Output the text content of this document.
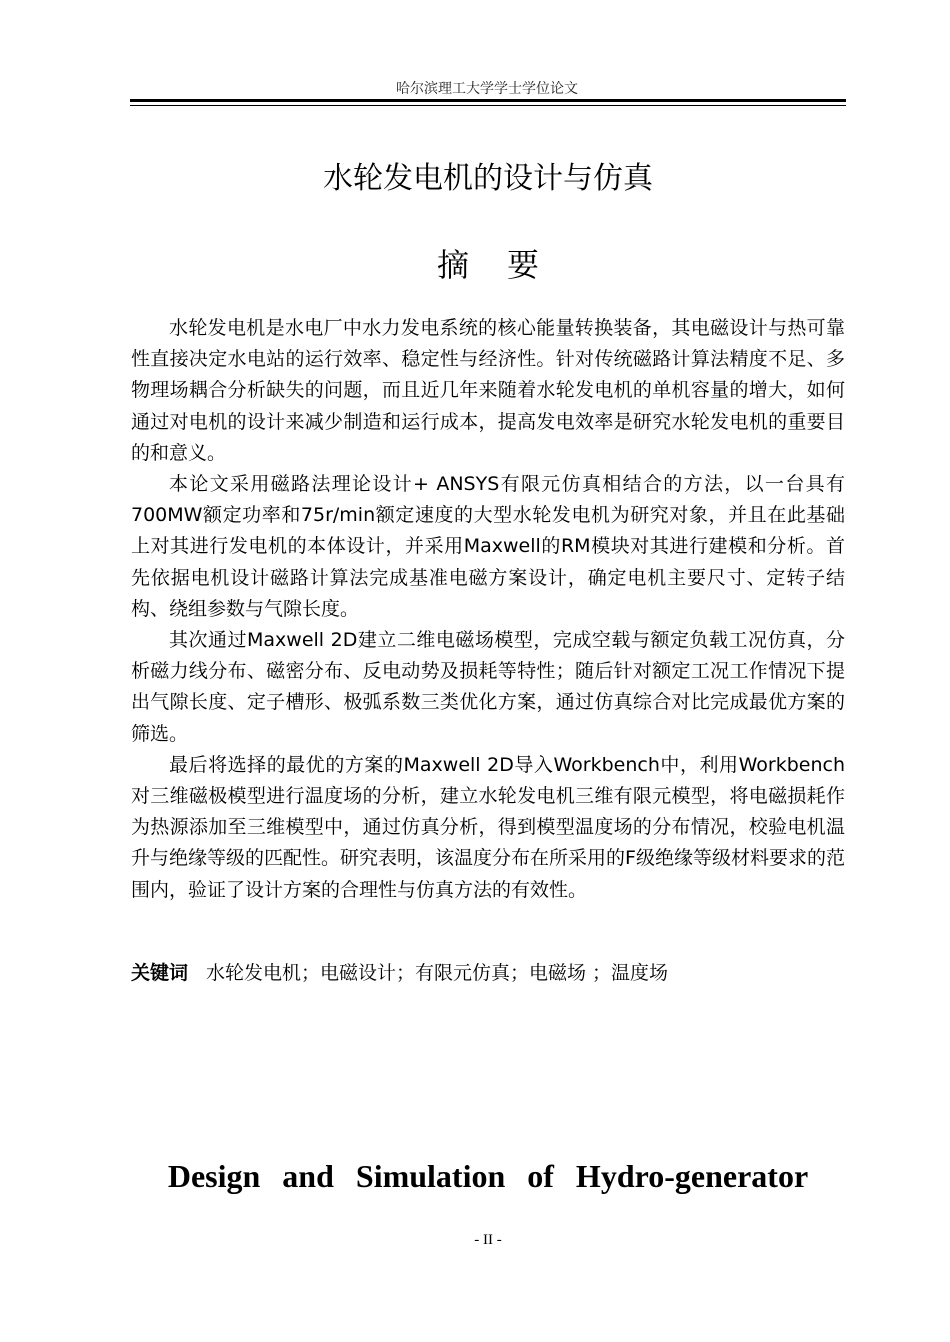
哈尔滨理工大学学士学位论文
水轮发电机的设计与仿真
摘要

水轮发电机是水电厂中水力发电系统的核心能量转换装备，其电磁设计与热可靠性直接决定水电站的运行效率、稳定性与经济性。针对传统磁路计算法精度不足、多物理场耦合分析缺失的问题，而且近几年来随着水轮发电机的单机容量的增大，如何通过对电机的设计来减少制造和运行成本，提高发电效率是研究水轮发电机的重要目的和意义。

本论文采用磁路法理论设计+ ANSYS有限元仿真相结合的方法，以一台具有700MW额定功率和75r/min额定速度的大型水轮发电机为研究对象，并且在此基础上对其进行发电机的本体设计，并采用Maxwell的RM模块对其进行建模和分析。首先依据电机设计磁路计算法完成基准电磁方案设计，确定电机主要尺寸、定转子结构、绕组参数与气隙长度。

其次通过Maxwell 2D建立二维电磁场模型，完成空载与额定负载工况仿真，分析磁力线分布、磁密分布、反电动势及损耗等特性；随后针对额定工况工作情况下提出气隙长度、定子槽形、极弧系数三类优化方案，通过仿真综合对比完成最优方案的筛选。

最后将选择的最优的方案的Maxwell 2D导入Workbench中，利用Workbench对三维磁极模型进行温度场的分析，建立水轮发电机三维有限元模型，将电磁损耗作为热源添加至三维模型中，通过仿真分析，得到模型温度场的分布情况，校验电机温升与绝缘等级的匹配性。研究表明，该温度分布在所采用的F级绝缘等级材料要求的范围内，验证了设计方案的合理性与仿真方法的有效性。

关键词 水轮发电机；电磁设计；有限元仿真；电磁场 ；温度场
Design and Simulation of Hydro-generator
- II -
